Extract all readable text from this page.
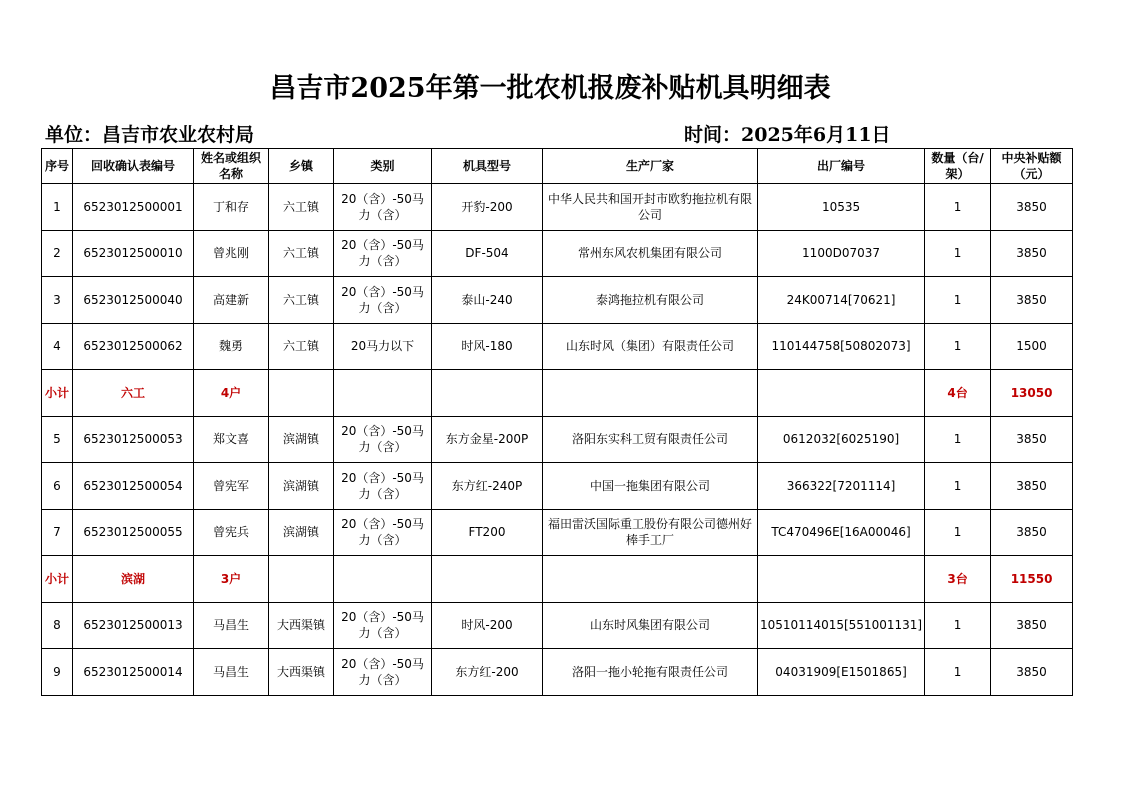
昌吉市2025年第一批农机报废补贴机具明细表
单位：昌吉市农业农村局	时间：2025年6月11日
序号	回收确认表编号	姓名或组织名称	乡镇	类别	机具型号	生产厂家	出厂编号	数量（台/架）	中央补贴额（元）
1	6523012500001	丁和存	六工镇	20（含）-50马力（含）	开豹-200	中华人民共和国开封市欧豹拖拉机有限公司	10535	1	3850
2	6523012500010	曾兆刚	六工镇	20（含）-50马力（含）	DF-504	常州东风农机集团有限公司	1100D07037	1	3850
3	6523012500040	高建新	六工镇	20（含）-50马力（含）	泰山-240	泰鸿拖拉机有限公司	24K00714[70621]	1	3850
4	6523012500062	魏勇	六工镇	20马力以下	时风-180	山东时风（集团）有限责任公司	110144758[50802073]	1	1500
小计	六工	4户						4台	13050
5	6523012500053	郑文喜	滨湖镇	20（含）-50马力（含）	东方金星-200P	洛阳东实科工贸有限责任公司	0612032[6025190]	1	3850
6	6523012500054	曾宪军	滨湖镇	20（含）-50马力（含）	东方红-240P	中国一拖集团有限公司	366322[7201114]	1	3850
7	6523012500055	曾宪兵	滨湖镇	20（含）-50马力（含）	FT200	福田雷沃国际重工股份有限公司德州好棒手工厂	TC470496E[16A00046]	1	3850
小计	滨湖	3户						3台	11550
8	6523012500013	马昌生	大西渠镇	20（含）-50马力（含）	时风-200	山东时风集团有限公司	10510114015[551001131]	1	3850
9	6523012500014	马昌生	大西渠镇	20（含）-50马力（含）	东方红-200	洛阳一拖小轮拖有限责任公司	04031909[E1501865]	1	3850
